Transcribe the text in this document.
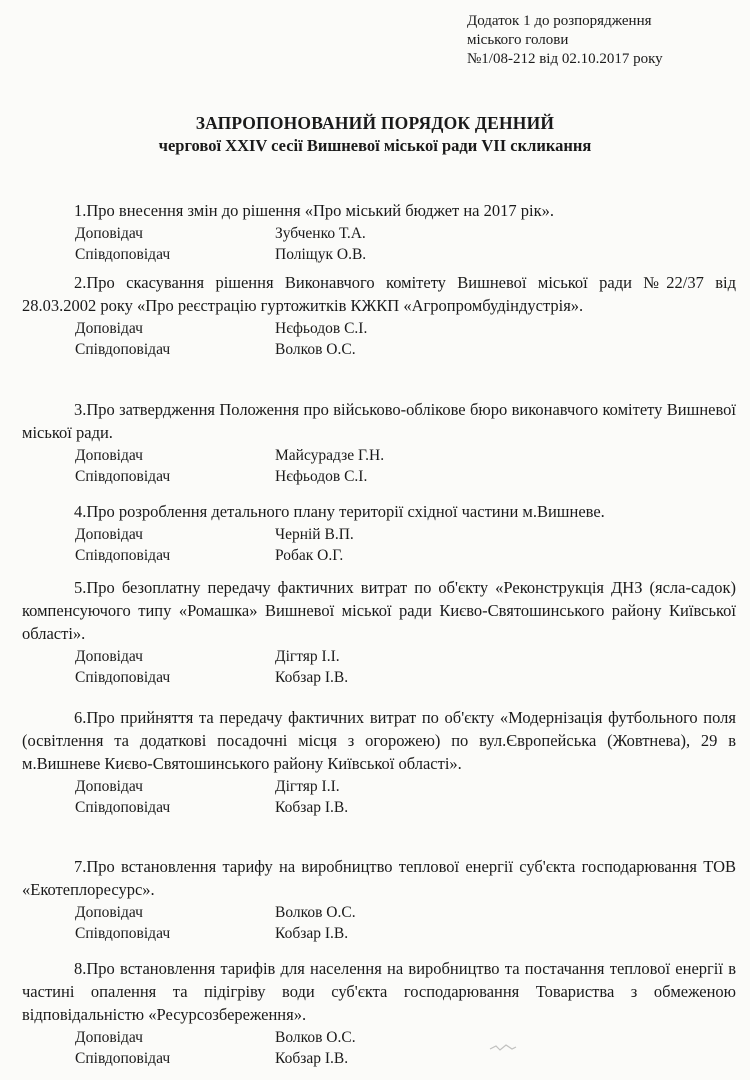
Додаток 1 до розпорядження
міського голови
№1/08-212 від 02.10.2017 року
ЗАПРОПОНОВАНИЙ ПОРЯДОК ДЕННИЙ
чергової XXIV сесії Вишневої міської ради VII скликання

1.Про внесення змін до рішення «Про міський бюджет на 2017 рік».

Доповідач	Зубченко Т.А.
Співдоповідач	Поліщук О.В.

2.Про скасування рішення Виконавчого комітету Вишневої міської ради №22/37 від 28.03.2002 року «Про реєстрацію гуртожитків КЖКП «Агропромбудіндустрія».

Доповідач	Нєфьодов С.І.
Співдоповідач	Волков О.С.

3.Про затвердження Положення про військово-облікове бюро виконавчого комітету Вишневої міської ради.

Доповідач	Майсурадзе Г.Н.
Співдоповідач	Нєфьодов С.І.

4.Про розроблення детального плану території східної частини м.Вишневе.

Доповідач	Черній В.П.
Співдоповідач	Робак О.Г.

5.Про безоплатну передачу фактичних витрат по об'єкту «Реконструкція ДНЗ (ясла-садок) компенсуючого типу «Ромашка» Вишневої міської ради Києво-Святошинського району Київської області».

Доповідач	Дігтяр І.І.
Співдоповідач	Кобзар І.В.

6.Про прийняття та передачу фактичних витрат по об'єкту «Модернізація футбольного поля (освітлення та додаткові посадочні місця з огорожею) по вул.Європейська (Жовтнева), 29 в м.Вишневе Києво-Святошинського району Київської області».

Доповідач	Дігтяр І.І.
Співдоповідач	Кобзар І.В.

7.Про встановлення тарифу на виробництво теплової енергії суб'єкта господарювання ТОВ «Екотеплоресурс».

Доповідач	Волков О.С.
Співдоповідач	Кобзар І.В.

8.Про встановлення тарифів для населення на виробництво та постачання теплової енергії в частині опалення та підігріву води суб'єкта господарювання Товариства з обмеженою відповідальністю «Ресурсозбереження».

Доповідач	Волков О.С.
Співдоповідач	Кобзар І.В.
